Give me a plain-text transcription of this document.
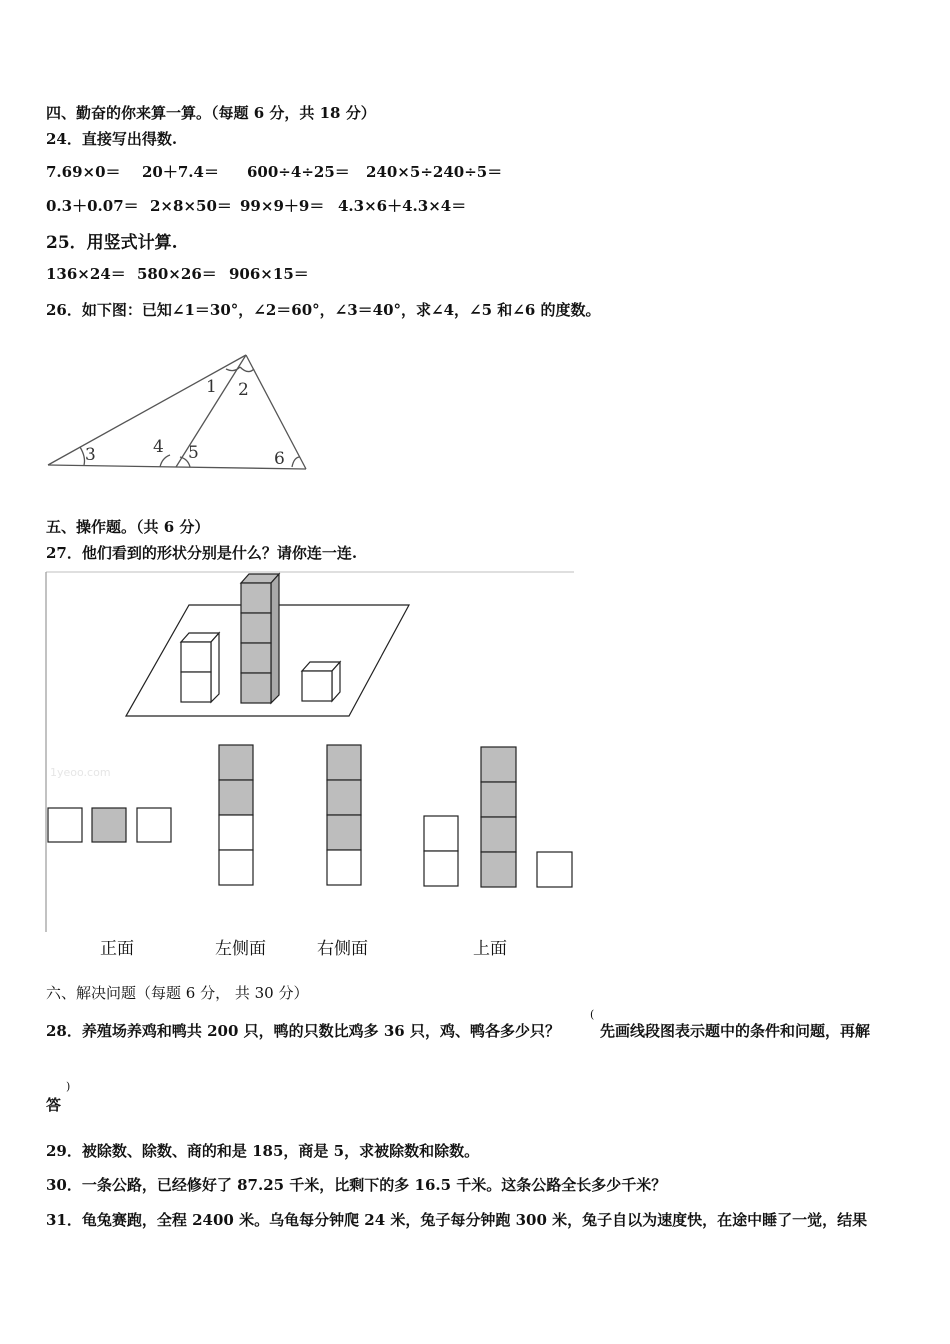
四、勤奋的你来算一算。（每题 6 分，共 18 分）
24．直接写出得数.
7.69×0＝ 20＋7.4＝ 600÷4÷25＝ 240×5÷240÷5＝
0.3＋0.07＝ 2×8×50＝ 99×9＋9＝ 4.3×6＋4.3×4＝
25．用竖式计算.
136×24＝ 580×26＝ 906×15＝
26．如下图：已知∠1＝30°，∠2＝60°，∠3＝40°，求∠4，∠5 和∠6 的度数。
1 2
3	4 5	6
五、操作题。（共 6 分）
27．他们看到的形状分别是什么？请你连一连.
1yeoo.com
正面	左侧面	右侧面	上面
六、解决问题（每题 6 分， 共 30 分）
28．养殖场养鸡和鸭共 200 只，鸭的只数比鸡多 36 只，鸡、鸭各多少只？
(
先画线段图表示题中的条件和问题，再解
)
答
29．被除数、除数、商的和是 185，商是 5，求被除数和除数。
30．一条公路，已经修好了 87.25 千米，比剩下的多 16.5 千米。这条公路全长多少千米？
31．龟兔赛跑，全程 2400 米。乌龟每分钟爬 24 米，兔子每分钟跑 300 米，兔子自以为速度快，在途中睡了一觉，结果
